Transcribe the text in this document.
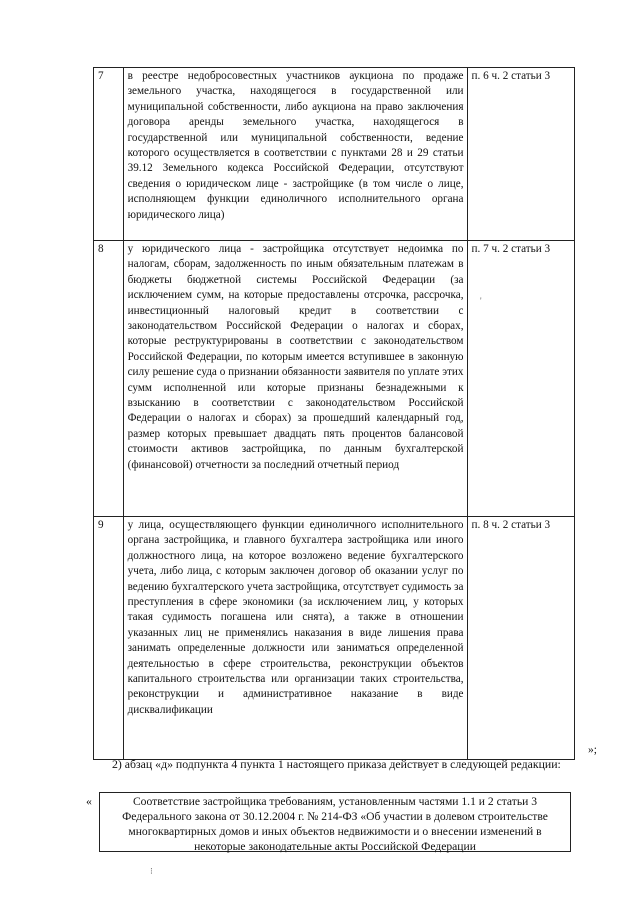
7	в реестре недобросовестных участников аукциона по продаже земельного участка, находящегося в государственной или муниципальной собственности, либо аукциона на право заключения договора аренды земельного участка, находящегося в государственной или муниципальной собственности, ведение которого осуществляется в соответствии с пунктами 28 и 29 статьи 39.12 Земельного кодекса Российской Федерации, отсутствуют сведения о юридическом лице - застройщике (в том числе о лице, исполняющем функции единоличного исполнительного органа юридического лица)	п. 6 ч. 2 статьи 3
8	у юридического лица - застройщика отсутствует недоимка по налогам, сборам, задолженность по иным обязательным платежам в бюджеты бюджетной системы Российской Федерации (за исключением сумм, на которые предоставлены отсрочка, рассрочка, инвестиционный налоговый кредит в соответствии с законодательством Российской Федерации о налогах и сборах, которые реструктурированы в соответствии с законодательством Российской Федерации, по которым имеется вступившее в законную силу решение суда о признании обязанности заявителя по уплате этих сумм исполненной или которые признаны безнадежными к взысканию в соответствии с законодательством Российской Федерации о налогах и сборах) за прошедший календарный год, размер которых превышает двадцать пять процентов балансовой стоимости активов застройщика, по данным бухгалтерской (финансовой) отчетности за последний отчетный период	п. 7 ч. 2 статьи 3
9	у лица, осуществляющего функции единоличного исполнительного органа застройщика, и главного бухгалтера застройщика или иного должностного лица, на которое возложено ведение бухгалтерского учета, либо лица, с которым заключен договор об оказании услуг по ведению бухгалтерского учета застройщика, отсутствует судимость за преступления в сфере экономики (за исключением лиц, у которых такая судимость погашена или снята), а также в отношении указанных лиц не применялись наказания в виде лишения права занимать определенные должности или заниматься определенной деятельностью в сфере строительства, реконструкции объектов капитального строительства или организации таких строительства, реконструкции и административное наказание в виде дисквалификации	п. 8 ч. 2 статьи 3
»;
2) абзац «д» подпункта 4 пункта 1 настоящего приказа действует в следующей редакции:
«	Соответствие застройщика требованиям, установленным частями 1.1 и 2 статьи 3 Федерального закона от 30.12.2004 г. № 214-ФЗ «Об участии в долевом строительстве многоквартирных домов и иных объектов недвижимости и о внесении изменений в некоторые законодательные акты Российской Федерации
'
⁝
